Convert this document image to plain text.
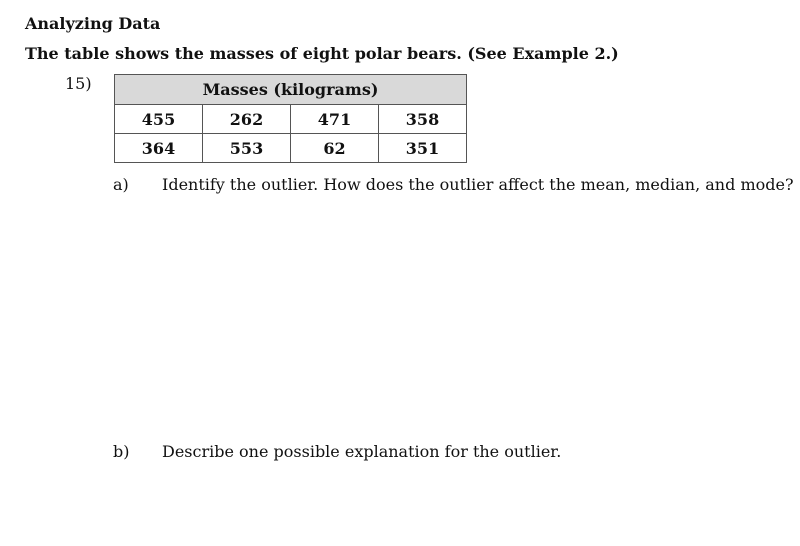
Analyzing Data
The table shows the masses of eight polar bears. (See Example 2.)
15)	Masses (kilograms)			
455	262	471	358
364	553	62	351
a) Identify the outlier. How does the outlier affect the mean, median, and mode?
b) Describe one possible explanation for the outlier.
